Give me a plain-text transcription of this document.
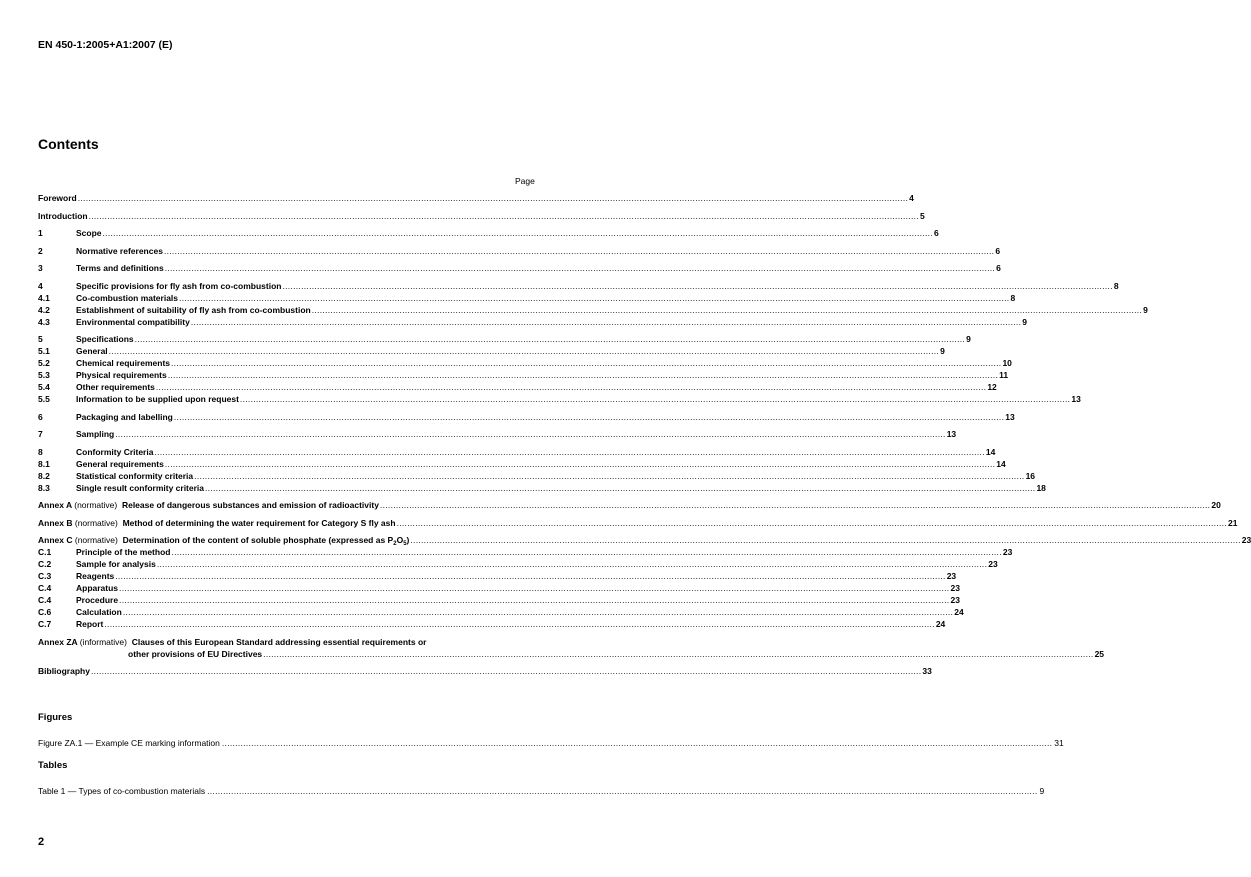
EN 450-1:2005+A1:2007 (E)
Contents
Page
Foreword .....	4
Introduction .....	5
1	Scope .....	6
2	Normative references .....	6
3	Terms and definitions .....	6
4	Specific provisions for fly ash from co-combustion .....	8
4.1	Co-combustion materials .....	8
4.2	Establishment of suitability of fly ash from co-combustion .....	9
4.3	Environmental compatibility .....	9
5	Specifications .....	9
5.1	General .....	9
5.2	Chemical requirements .....	10
5.3	Physical requirements .....	11
5.4	Other requirements .....	12
5.5	Information to be supplied upon request .....	13
6	Packaging and labelling .....	13
7	Sampling .....	13
8	Conformity Criteria .....	14
8.1	General requirements .....	14
8.2	Statistical conformity criteria .....	16
8.3	Single result conformity criteria .....	18
Annex A (normative) Release of dangerous substances and emission of radioactivity .....	20
Annex B (normative) Method of determining the water requirement for Category S fly ash .....	21
Annex C (normative) Determination of the content of soluble phosphate (expressed as $P_2O_5$) .....	23
C.1	Principle of the method .....	23
C.2	Sample for analysis .....	23
C.3	Reagents .....	23
C.4	Apparatus .....	23
C.4	Procedure .....	23
C.6	Calculation .....	24
C.7	Report .....	24
Annex ZA (informative) Clauses of this European Standard addressing essential requirements or
other provisions of EU Directives .....	25
Bibliography .....	33
Figures
Figure ZA.1 — Example CE marking information .....	31
Tables
Table 1 — Types of co-combustion materials .....	9
2
